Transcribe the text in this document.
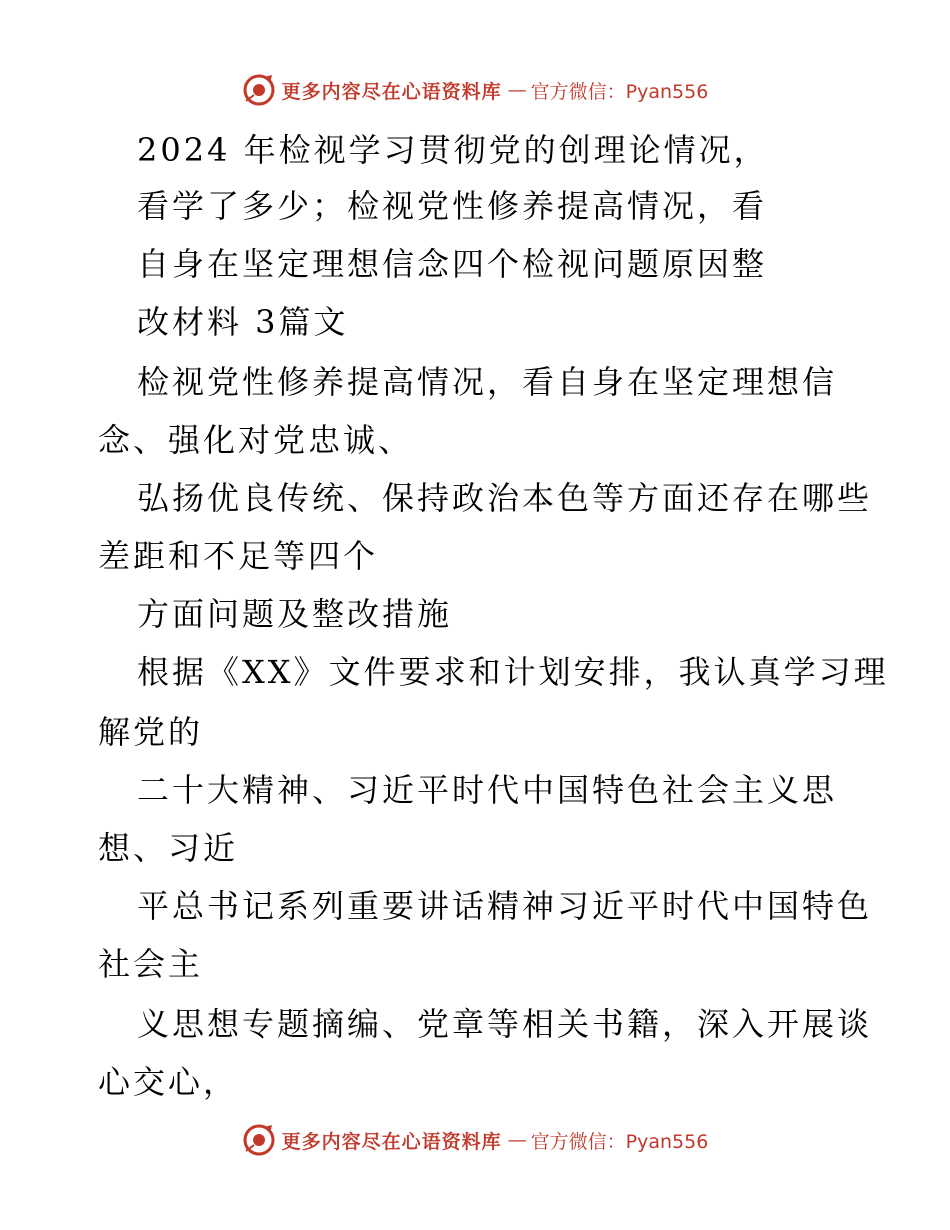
更多内容尽在心语资料库 — 官方微信：Pyan556
2024 年检视学习贯彻党的创理论情况，
看学了多少；检视党性修养提高情况，看
自身在坚定理想信念四个检视问题原因整
改材料 3篇文
检视党性修养提高情况，看自身在坚定理想信
念、强化对党忠诚、
弘扬优良传统、保持政治本色等方面还存在哪些
差距和不足等四个
方面问题及整改措施
根据《XX》文件要求和计划安排，我认真学习理
解党的
二十大精神、习近平时代中国特色社会主义思
想、习近
平总书记系列重要讲话精神习近平时代中国特色
社会主
义思想专题摘编、党章等相关书籍，深入开展谈
心交心，
更多内容尽在心语资料库 — 官方微信：Pyan556
